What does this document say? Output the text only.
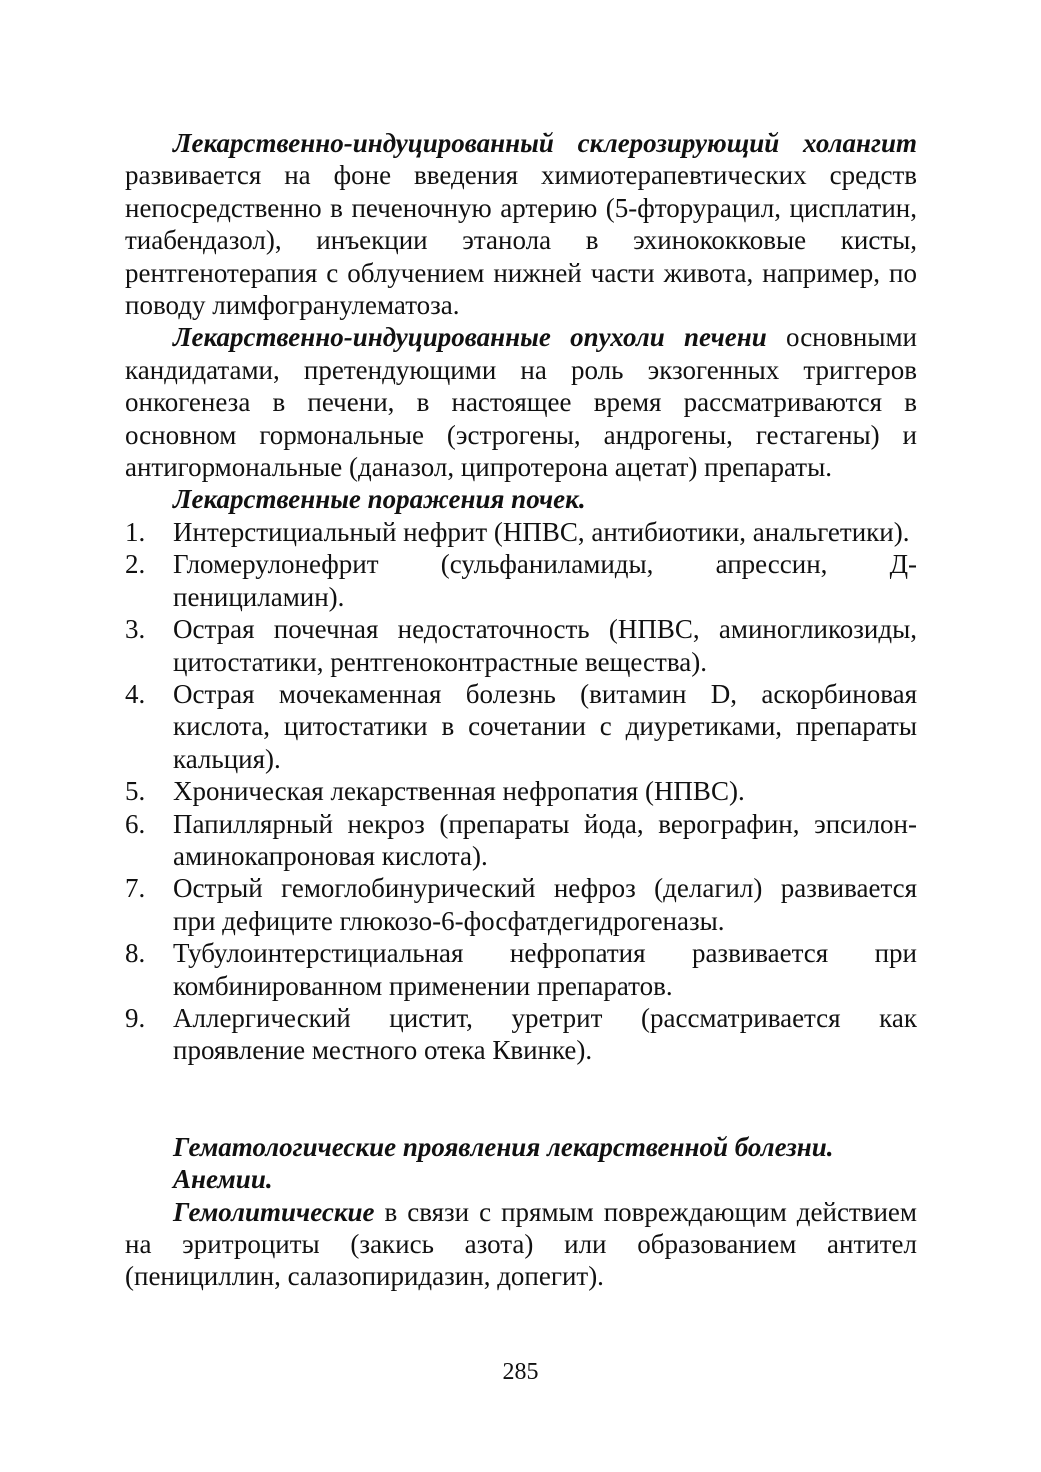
Лекарственно-индуцированный склерозирующий холангит развивается на фоне введения химиотерапевтических средств непосредственно в печеночную артерию (5-фторурацил, цисплатин, тиабендазол), инъекции этанола в эхинококковые кисты, рентгенотерапия с облучением нижней части живота, например, по поводу лимфогранулематоза.

Лекарственно-индуцированные опухоли печени основными кандидатами, претендующими на роль экзогенных триггеров онкогенеза в печени, в настоящее время рассматриваются в основном гормональные (эстрогены, андрогены, гестагены) и антигормональные (даназол, ципротерона ацетат) препараты.

Лекарственные поражения почек.

1. Интерстициальный нефрит (НПВС, антибиотики, анальгетики).
2. Гломерулонефрит (сульфаниламиды, апрессин, Д-пенициламин).
3. Острая почечная недостаточность (НПВС, аминогликозиды, цитостатики, рентгеноконтрастные вещества).
4. Острая мочекаменная болезнь (витамин D, аскорбиновая кислота, цитостатики в сочетании с диуретиками, препараты кальция).
5. Хроническая лекарственная нефропатия (НПВС).
6. Папиллярный некроз (препараты йода, верографин, эпсилон-аминокапроновая кислота).
7. Острый гемоглобинурический нефроз (делагил) развивается при дефиците глюкозо-6-фосфатдегидрогеназы.
8. Тубулоинтерстициальная нефропатия развивается при комбинированном применении препаратов.
9. Аллергический цистит, уретрит (рассматривается как проявление местного отека Квинке).

Гематологические проявления лекарственной болезни.

Анемии.

Гемолитические в связи с прямым повреждающим действием на эритроциты (закись азота) или образованием антител (пенициллин, салазопиридазин, допегит).

285
